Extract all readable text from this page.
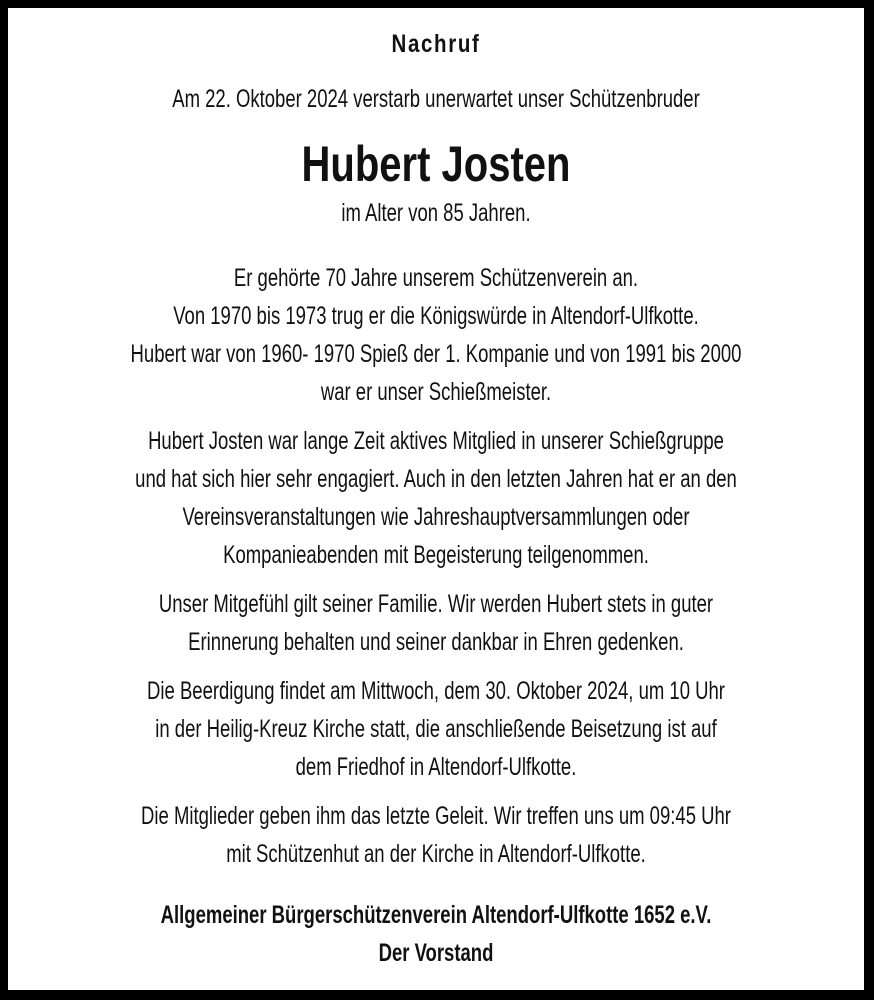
Nachruf
Am 22. Oktober 2024 verstarb unerwartet unser Schützenbruder
Hubert Josten
im Alter von 85 Jahren.
Er gehörte 70 Jahre unserem Schützenverein an.
Von 1970 bis 1973 trug er die Königswürde in Altendorf-Ulfkotte.
Hubert war von 1960- 1970 Spieß der 1. Kompanie und von 1991 bis 2000
war er unser Schießmeister.
Hubert Josten war lange Zeit aktives Mitglied in unserer Schießgruppe
und hat sich hier sehr engagiert. Auch in den letzten Jahren hat er an den
Vereinsveranstaltungen wie Jahreshauptversammlungen oder
Kompanieabenden mit Begeisterung teilgenommen.
Unser Mitgefühl gilt seiner Familie. Wir werden Hubert stets in guter
Erinnerung behalten und seiner dankbar in Ehren gedenken.
Die Beerdigung findet am Mittwoch, dem 30. Oktober 2024, um 10 Uhr
in der Heilig-Kreuz Kirche statt, die anschließende Beisetzung ist auf
dem Friedhof in Altendorf-Ulfkotte.
Die Mitglieder geben ihm das letzte Geleit. Wir treffen uns um 09:45 Uhr
mit Schützenhut an der Kirche in Altendorf-Ulfkotte.
Allgemeiner Bürgerschützenverein Altendorf-Ulfkotte 1652 e.V.
Der Vorstand
